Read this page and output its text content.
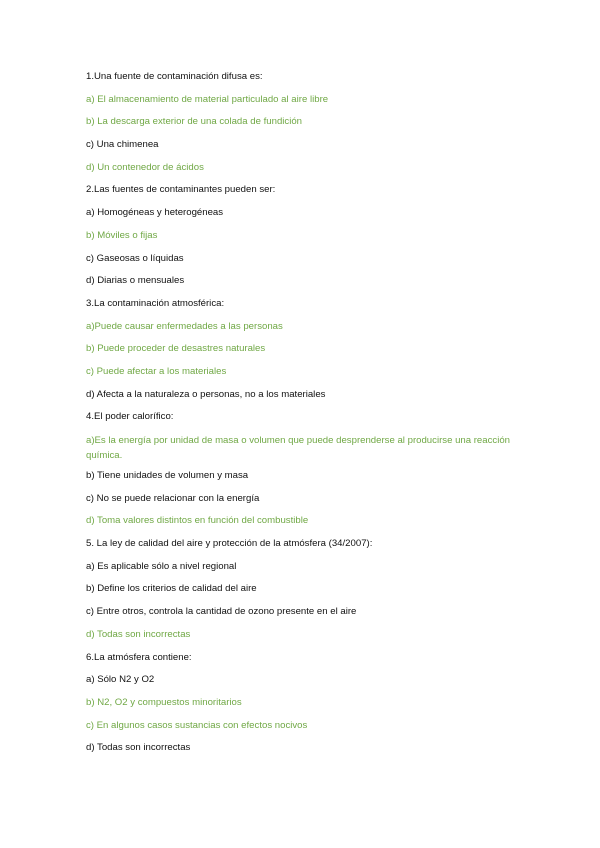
1.Una fuente de contaminación difusa es:
a) El almacenamiento de material particulado al aire libre
b) La descarga exterior de una colada de fundición
c) Una chimenea
d) Un contenedor de ácidos
2.Las fuentes de contaminantes pueden ser:
a) Homogéneas y heterogéneas
b) Móviles o fijas
c) Gaseosas o líquidas
d) Diarias o mensuales
3.La contaminación atmosférica:
a)Puede causar enfermedades a las personas
b) Puede proceder de desastres naturales
c) Puede afectar a los materiales
d) Afecta a la naturaleza o personas, no a los materiales
4.El poder calorífico:
a)Es la energía por unidad de masa o volumen que puede desprenderse al producirse una reacción química.
b) Tiene unidades de volumen y masa
c) No se puede relacionar con la energía
d) Toma valores distintos en función del combustible
5. La ley de calidad del aire y protección de la atmósfera (34/2007):
a) Es aplicable sólo a nivel regional
b) Define los criterios de calidad del aire
c) Entre otros, controla la cantidad de ozono presente en el aire
d) Todas son incorrectas
6.La atmósfera contiene:
a) Sólo N2 y O2
b) N2, O2 y compuestos minoritarios
c) En algunos casos sustancias con efectos nocivos
d) Todas son incorrectas
